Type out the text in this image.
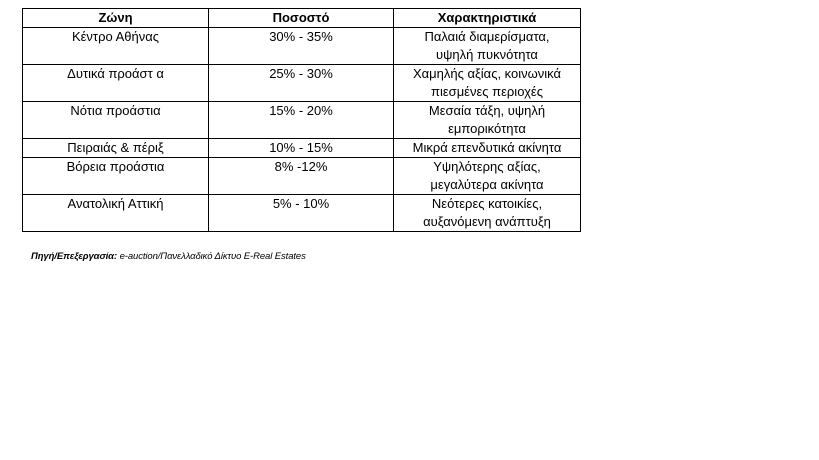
Ζώνη	Ποσοστό	Χαρακτηριστικά
Κέντρο Αθήνας	30% - 35%	Παλαιά διαμερίσματα,
υψηλή πυκνότητα
Δυτικά προάστ α	25% - 30%	Χαμηλής αξίας, κοινωνικά
πιεσμένες περιοχές
Νότια προάστια	15% - 20%	Μεσαία τάξη, υψηλή
εμπορικότητα
Πειραιάς & πέριξ	10% - 15%	Μικρά επενδυτικά ακίνητα
Βόρεια προάστια	8% -12%	Υψηλότερης αξίας,
μεγαλύτερα ακίνητα
Ανατολική Αττική	5% - 10%	Νεότερες κατοικίες,
αυξανόμενη ανάπτυξη
Πηγή/Επεξεργασία: e-auction/Πανελλαδικό Δίκτυο E-Real Estates
